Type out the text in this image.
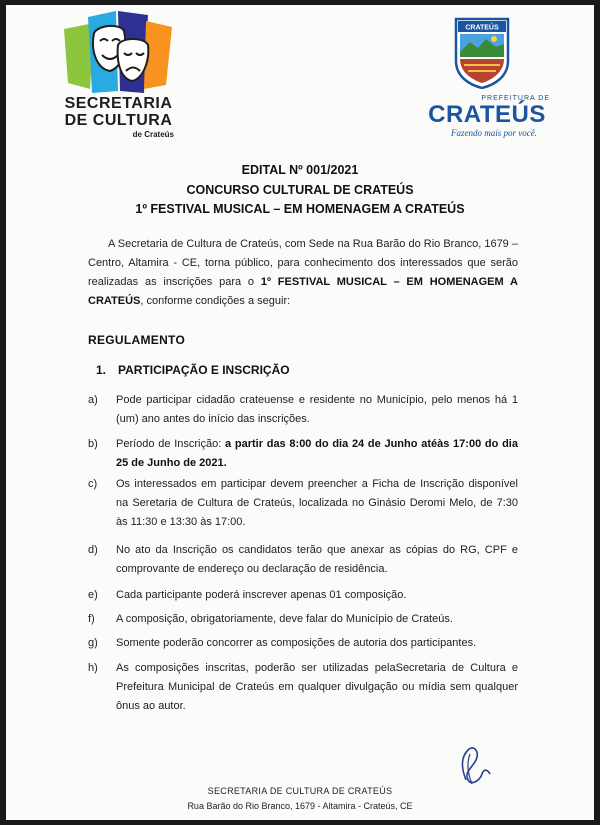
SECRETARIA
DE CULTURA
de Crateús
CRATEÚS
PREFEITURA DE
CRATEÚS
Fazendo mais por você.
EDITAL Nº 001/2021
CONCURSO CULTURAL DE CRATEÚS
1º FESTIVAL MUSICAL – EM HOMENAGEM A CRATEÚS
A Secretaria de Cultura de Crateús, com Sede na Rua Barão do Rio Branco, 1679 – Centro, Altamira - CE, torna público, para conhecimento dos interessados que serão realizadas as inscrições para o 1º FESTIVAL MUSICAL – EM HOMENAGEM A CRATEÚS, conforme condições a seguir:
REGULAMENTO
1. PARTICIPAÇÃO E INSCRIÇÃO
a)	Pode participar cidadão crateuense e residente no Município, pelo menos há 1 (um) ano antes do início das inscrições.
b)	Período de Inscrição: a partir das 8:00 do dia 24 de Junho atéàs 17:00 do dia 25 de Junho de 2021.
c)	Os interessados em participar devem preencher a Ficha de Inscrição disponível na Seretaria de Cultura de Crateús, localizada no Ginásio Deromi Melo, de 7:30 às 11:30 e 13:30 às 17:00.
d)	No ato da Inscrição os candidatos terão que anexar as cópias do RG, CPF e comprovante de endereço ou declaração de residência.
e)	Cada participante poderá inscrever apenas 01 composição.
f)	A composição, obrigatoriamente, deve falar do Município de Crateús.
g)	Somente poderão concorrer as composições de autoria dos participantes.
h)	As composições inscritas, poderão ser utilizadas pelaSecretaria de Cultura e Prefeitura Municipal de Crateús em qualquer divulgação ou mídia sem qualquer ônus ao autor.
SECRETARIA DE CULTURA DE CRATEÚS
Rua Barão do Rio Branco, 1679 - Altamira - Crateús, CE
